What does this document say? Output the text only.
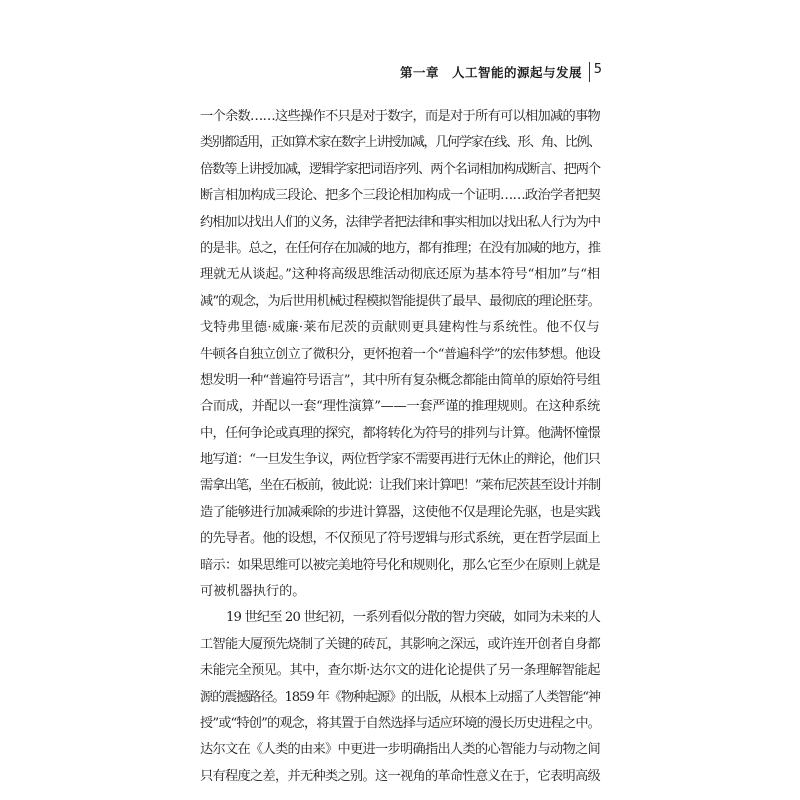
第一章　人工智能的源起与发展 5
一个余数……这些操作不只是对于数字，而是对于所有可以相加减的事物
类别都适用，正如算术家在数字上讲授加减，几何学家在线、形、角、比例、
倍数等上讲授加减，逻辑学家把词语序列、两个名词相加构成断言、把两个
断言相加构成三段论、把多个三段论相加构成一个证明……政治学者把契
约相加以找出人们的义务，法律学者把法律和事实相加以找出私人行为为中
的是非。总之，在任何存在加减的地方，都有推理；在没有加减的地方，推
理就无从谈起。”这种将高级思维活动彻底还原为基本符号“相加”与“相
减”的观念，为后世用机械过程模拟智能提供了最早、最彻底的理论胚芽。
戈特弗里德·威廉·莱布尼茨的贡献则更具建构性与系统性。他不仅与
牛顿各自独立创立了微积分，更怀抱着一个“普遍科学”的宏伟梦想。他设
想发明一种“普遍符号语言”，其中所有复杂概念都能由简单的原始符号组
合而成，并配以一套“理性演算”——一套严谨的推理规则。在这种系统
中，任何争论或真理的探究，都将转化为符号的排列与计算。他满怀憧憬
地写道：“一旦发生争议，两位哲学家不需要再进行无休止的辩论，他们只
需拿出笔，坐在石板前，彼此说：让我们来计算吧！”莱布尼茨甚至设计并制
造了能够进行加减乘除的步进计算器，这使他不仅是理论先驱，也是实践
的先导者。他的设想，不仅预见了符号逻辑与形式系统，更在哲学层面上
暗示：如果思维可以被完美地符号化和规则化，那么它至少在原则上就是
可被机器执行的。
19 世纪至 20 世纪初，一系列看似分散的智力突破，如同为未来的人
工智能大厦预先烧制了关键的砖瓦，其影响之深远，或许连开创者自身都
未能完全预见。其中，查尔斯·达尔文的进化论提供了另一条理解智能起
源的震撼路径。1859 年《物种起源》的出版，从根本上动摇了人类智能“神
授”或“特创”的观念，将其置于自然选择与适应环境的漫长历史进程之中。
达尔文在《人类的由来》中更进一步明确指出人类的心智能力与动物之间
只有程度之差，并无种类之别。这一视角的革命性意义在于，它表明高级
